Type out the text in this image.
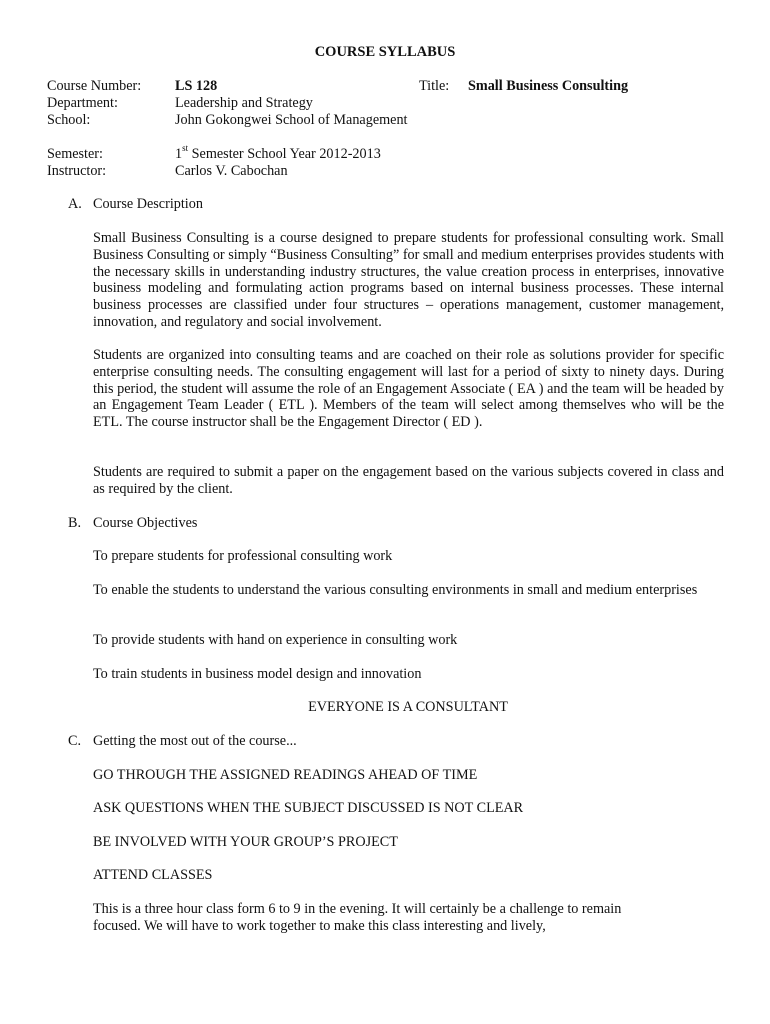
COURSE SYLLABUS
Course Number: LS 128	Title: Small Business Consulting
Department:	Leadership and Strategy
School:	John Gokongwei School of Management
Semester:	1st Semester School Year 2012-2013
Instructor:	Carlos V. Cabochan
A. Course Description

Small Business Consulting is a course designed to prepare students for professional consulting work. Small Business Consulting or simply “Business Consulting” for small and medium enterprises provides students with the necessary skills in understanding industry structures, the value creation process in enterprises, innovative business modeling and formulating action programs based on internal business processes. These internal business processes are classified under four structures – operations management, customer management, innovation, and regulatory and social involvement.

Students are organized into consulting teams and are coached on their role as solutions provider for specific enterprise consulting needs. The consulting engagement will last for a period of sixty to ninety days. During this period, the student will assume the role of an Engagement Associate ( EA ) and the team will be headed by an Engagement Team Leader ( ETL ). Members of the team will select among themselves who will be the ETL. The course instructor shall be the Engagement Director ( ED ).

Students are required to submit a paper on the engagement based on the various subjects covered in class and as required by the client.

B. Course Objectives

To prepare students for professional consulting work

To enable the students to understand the various consulting environments in small and medium enterprises

To provide students with hand on experience in consulting work

To train students in business model design and innovation

EVERYONE IS A CONSULTANT
C. Getting the most out of the course...

GO THROUGH THE ASSIGNED READINGS AHEAD OF TIME

ASK QUESTIONS WHEN THE SUBJECT DISCUSSED IS NOT CLEAR

BE INVOLVED WITH YOUR GROUP’S PROJECT

ATTEND CLASSES

This is a three hour class form 6 to 9 in the evening. It will certainly be a challenge to remain
focused. We will have to work together to make this class interesting and lively,
